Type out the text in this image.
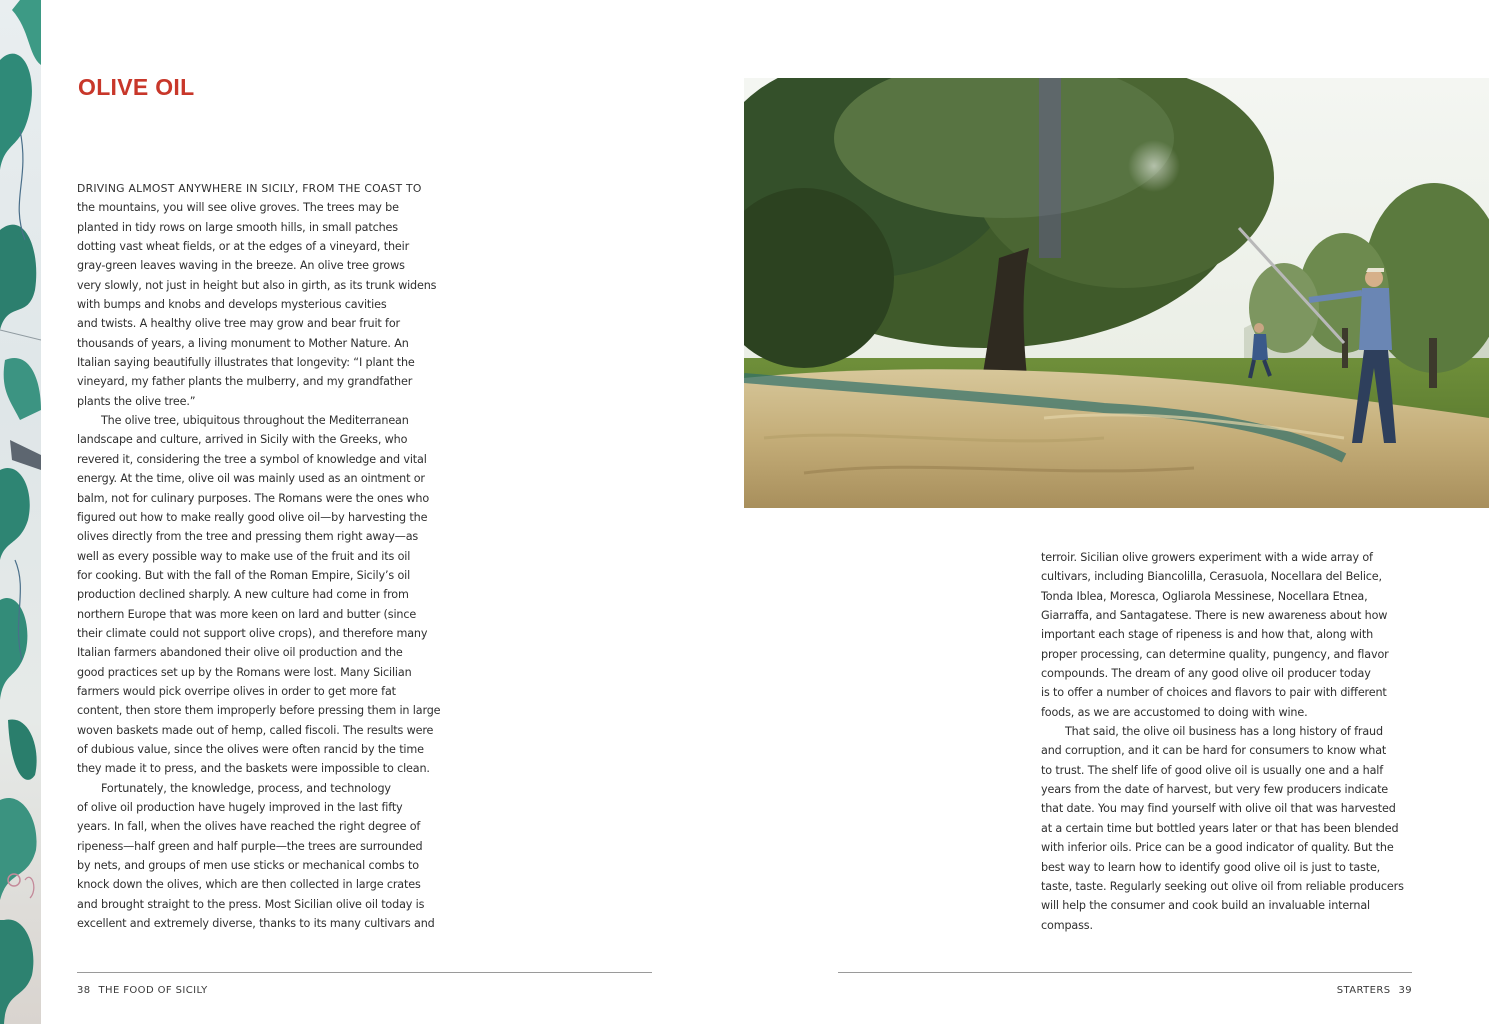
OLIVE OIL
DRIVING ALMOST ANYWHERE IN SICILY, FROM THE COAST TO
the mountains, you will see olive groves. The trees may be
planted in tidy rows on large smooth hills, in small patches
dotting vast wheat fields, or at the edges of a vineyard, their
gray-green leaves waving in the breeze. An olive tree grows
very slowly, not just in height but also in girth, as its trunk widens
with bumps and knobs and develops mysterious cavities
and twists. A healthy olive tree may grow and bear fruit for
thousands of years, a living monument to Mother Nature. An
Italian saying beautifully illustrates that longevity: “I plant the
vineyard, my father plants the mulberry, and my grandfather
plants the olive tree.”
The olive tree, ubiquitous throughout the Mediterranean
landscape and culture, arrived in Sicily with the Greeks, who
revered it, considering the tree a symbol of knowledge and vital
energy. At the time, olive oil was mainly used as an ointment or
balm, not for culinary purposes. The Romans were the ones who
figured out how to make really good olive oil—by harvesting the
olives directly from the tree and pressing them right away—as
well as every possible way to make use of the fruit and its oil
for cooking. But with the fall of the Roman Empire, Sicily’s oil
production declined sharply. A new culture had come in from
northern Europe that was more keen on lard and butter (since
their climate could not support olive crops), and therefore many
Italian farmers abandoned their olive oil production and the
good practices set up by the Romans were lost. Many Sicilian
farmers would pick overripe olives in order to get more fat
content, then store them improperly before pressing them in large
woven baskets made out of hemp, called fiscoli. The results were
of dubious value, since the olives were often rancid by the time
they made it to press, and the baskets were impossible to clean.
Fortunately, the knowledge, process, and technology
of olive oil production have hugely improved in the last fifty
years. In fall, when the olives have reached the right degree of
ripeness—half green and half purple—the trees are surrounded
by nets, and groups of men use sticks or mechanical combs to
knock down the olives, which are then collected in large crates
and brought straight to the press. Most Sicilian olive oil today is
excellent and extremely diverse, thanks to its many cultivars and
38 THE FOOD OF SICILY
terroir. Sicilian olive growers experiment with a wide array of
cultivars, including Biancolilla, Cerasuola, Nocellara del Belice,
Tonda Iblea, Moresca, Ogliarola Messinese, Nocellara Etnea,
Giarraffa, and Santagatese. There is new awareness about how
important each stage of ripeness is and how that, along with
proper processing, can determine quality, pungency, and flavor
compounds. The dream of any good olive oil producer today
is to offer a number of choices and flavors to pair with different
foods, as we are accustomed to doing with wine.
That said, the olive oil business has a long history of fraud
and corruption, and it can be hard for consumers to know what
to trust. The shelf life of good olive oil is usually one and a half
years from the date of harvest, but very few producers indicate
that date. You may find yourself with olive oil that was harvested
at a certain time but bottled years later or that has been blended
with inferior oils. Price can be a good indicator of quality. But the
best way to learn how to identify good olive oil is just to taste,
taste, taste. Regularly seeking out olive oil from reliable producers
will help the consumer and cook build an invaluable internal
compass.
STARTERS 39
